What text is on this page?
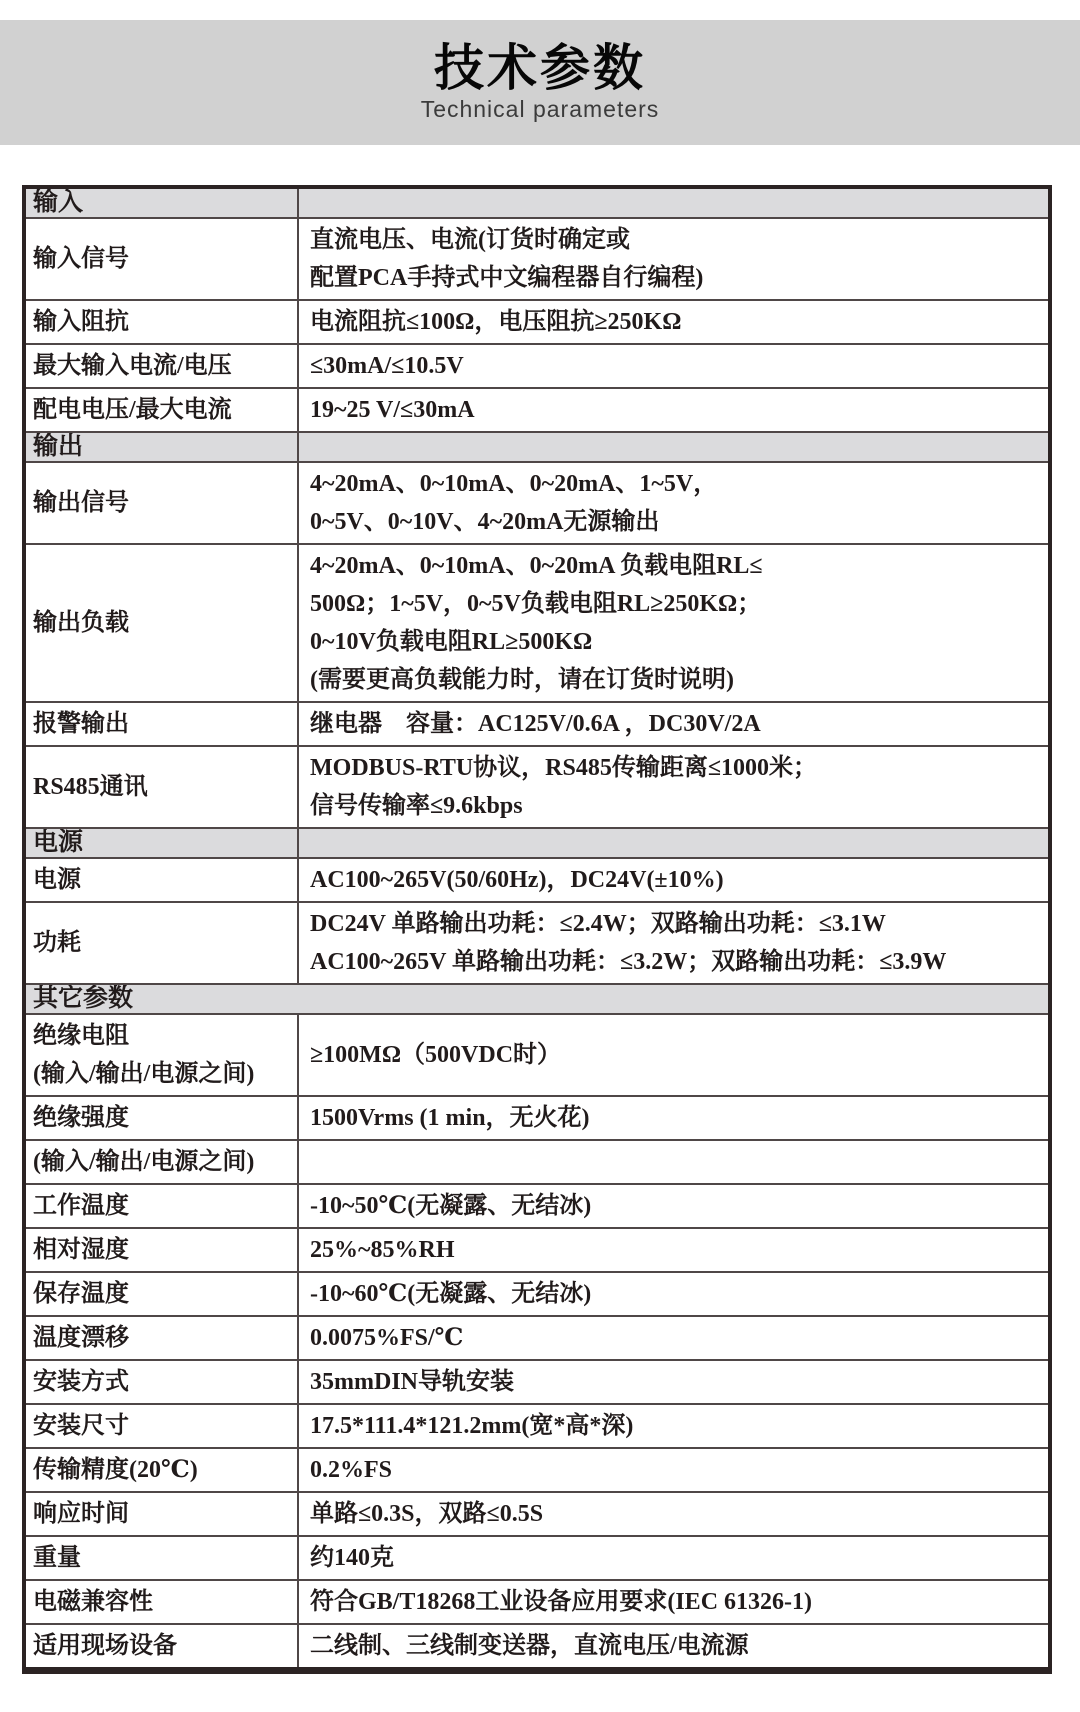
技术参数
Technical parameters
输入	

输入信号	直流电压、电流(订货时确定或
配置PCA手持式中文编程器自行编程)

输入阻抗	电流阻抗≤100Ω，电压阻抗≥250KΩ

最大输入电流/电压	≤30mA/≤10.5V

配电电压/最大电流	19~25 V/≤30mA

输出	

输出信号	4~20mA、0~10mA、0~20mA、1~5V，
0~5V、0~10V、4~20mA无源输出

输出负载	4~20mA、0~10mA、0~20mA 负载电阻RL≤
500Ω；1~5V，0~5V负载电阻RL≥250KΩ；
0~10V负载电阻RL≥500KΩ
(需要更高负载能力时，请在订货时说明)

报警输出	继电器　容量：AC125V/0.6A ，DC30V/2A

RS485通讯	MODBUS-RTU协议，RS485传输距离≤1000米；
信号传输率≤9.6kbps

电源	

电源	AC100~265V(50/60Hz)，DC24V(±10%)

功耗	DC24V 单路输出功耗：≤2.4W；双路输出功耗：≤3.1W
AC100~265V 单路输出功耗：≤3.2W；双路输出功耗：≤3.9W

其它参数	

绝缘电阻
(输入/输出/电源之间)	≥100MΩ（500VDC时）

绝缘强度	1500Vrms (1 min，无火花)

(输入/输出/电源之间)	

工作温度	-10~50℃(无凝露、无结冰)

相对湿度	25%~85%RH

保存温度	-10~60℃(无凝露、无结冰)

温度漂移	0.0075%FS/℃

安装方式	35mmDIN导轨安装

安装尺寸	17.5*111.4*121.2mm(宽*高*深)

传输精度(20℃)	0.2%FS

响应时间	单路≤0.3S，双路≤0.5S

重量	约140克

电磁兼容性	符合GB/T18268工业设备应用要求(IEC 61326-1)

适用现场设备	二线制、三线制变送器，直流电压/电流源
